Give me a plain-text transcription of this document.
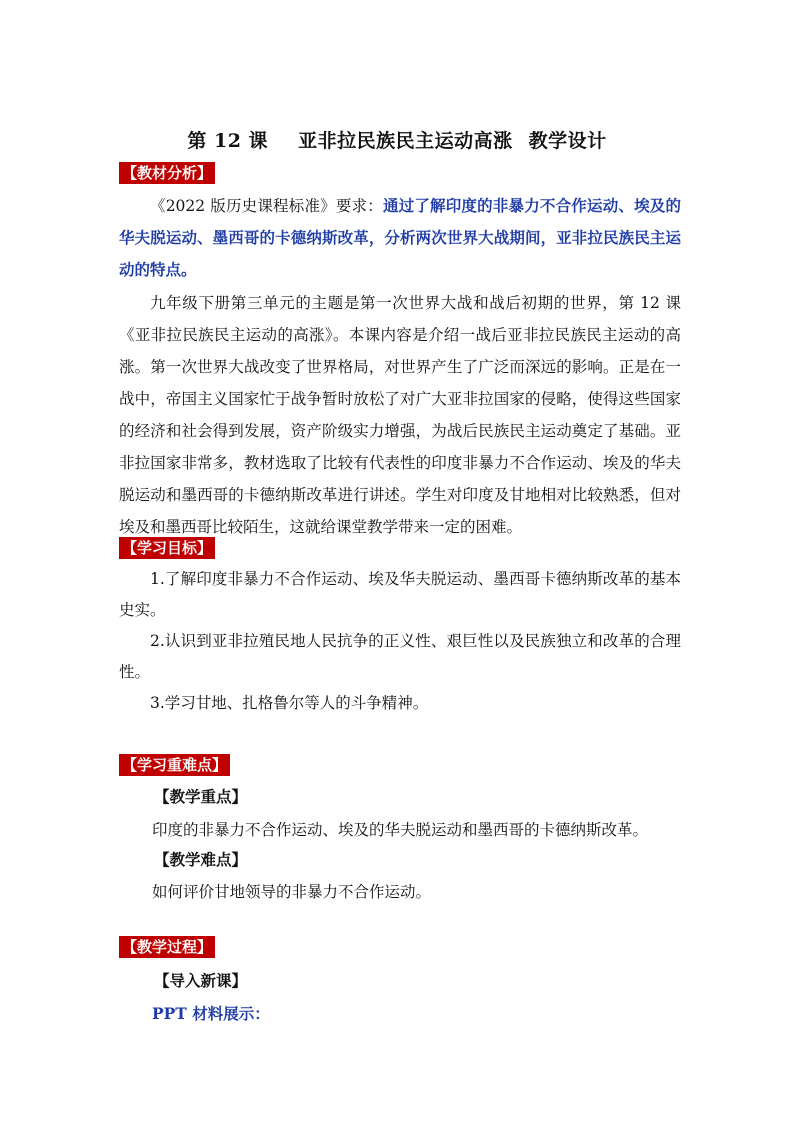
第 12 课 亚非拉民族民主运动高涨 教学设计
【教材分析】

《2022 版历史课程标准》要求：通过了解印度的非暴力不合作运动、埃及的华夫脱运动、墨西哥的卡德纳斯改革，分析两次世界大战期间，亚非拉民族民主运动的特点。

九年级下册第三单元的主题是第一次世界大战和战后初期的世界，第 12 课《亚非拉民族民主运动的高涨》。本课内容是介绍一战后亚非拉民族民主运动的高涨。第一次世界大战改变了世界格局，对世界产生了广泛而深远的影响。正是在一战中，帝国主义国家忙于战争暂时放松了对广大亚非拉国家的侵略，使得这些国家的经济和社会得到发展，资产阶级实力增强，为战后民族民主运动奠定了基础。亚非拉国家非常多，教材选取了比较有代表性的印度非暴力不合作运动、埃及的华夫脱运动和墨西哥的卡德纳斯改革进行讲述。学生对印度及甘地相对比较熟悉，但对埃及和墨西哥比较陌生，这就给课堂教学带来一定的困难。

【学习目标】

1.了解印度非暴力不合作运动、埃及华夫脱运动、墨西哥卡德纳斯改革的基本史实。

2.认识到亚非拉殖民地人民抗争的正义性、艰巨性以及民族独立和改革的合理性。

3.学习甘地、扎格鲁尔等人的斗争精神。

【学习重难点】
【教学重点】
印度的非暴力不合作运动、埃及的华夫脱运动和墨西哥的卡德纳斯改革。
【教学难点】
如何评价甘地领导的非暴力不合作运动。
【教学过程】
【导入新课】
PPT 材料展示：
